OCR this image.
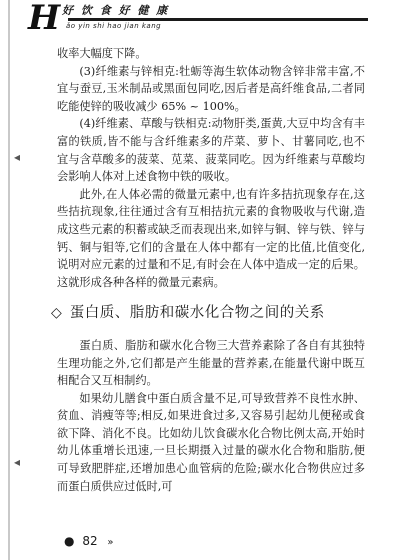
◂
◂
H 好 饮 食 好 健 康
ǎo yin shi hao jian kang

收率大幅度下降。

(3)纤维素与锌相克:牡蛎等海生软体动物含锌非常丰富,不宜与蚕豆,玉米制品或黑面包同吃,因后者是高纤维食品,二者同吃能使锌的吸收减少 65% ~ 100%。

(4)纤维素、草酸与铁相克:动物肝类,蛋黄,大豆中均含有丰富的铁质,皆不能与含纤维素多的芹菜、萝卜、甘薯同吃,也不宜与含草酸多的菠菜、苋菜、菠菜同吃。因为纤维素与草酸均会影响人体对上述食物中铁的吸收。

此外,在人体必需的微量元素中,也有许多拮抗现象存在,这些拮抗现象,往往通过含有互相拮抗元素的食物吸收与代谢,造成这些元素的积蓄或缺乏而表现出来,如锌与铜、锌与铁、锌与钙、铜与钼等,它们的含量在人体中都有一定的比值,比值变化,说明对应元素的过量和不足,有时会在人体中造成一定的后果。这就形成各种各样的微量元素病。

◇ 蛋白质、脂肪和碳水化合物之间的关系

蛋白质、脂肪和碳水化合物三大营养素除了各自有其独特生理功能之外,它们都是产生能量的营养素,在能量代谢中既互相配合又互相制约。

如果幼儿膳食中蛋白质含量不足,可导致营养不良性水肿、贫血、消瘦等等;相反,如果进食过多,又容易引起幼儿便秘或食欲下降、消化不良。比如幼儿饮食碳水化合物比例太高,开始时幼儿体重增长迅速,一旦长期摄入过量的碳水化合物和脂肪,便可导致肥胖症,还增加患心血管病的危险;碳水化合物供应过多而蛋白质供应过低时,可

● 82 »
